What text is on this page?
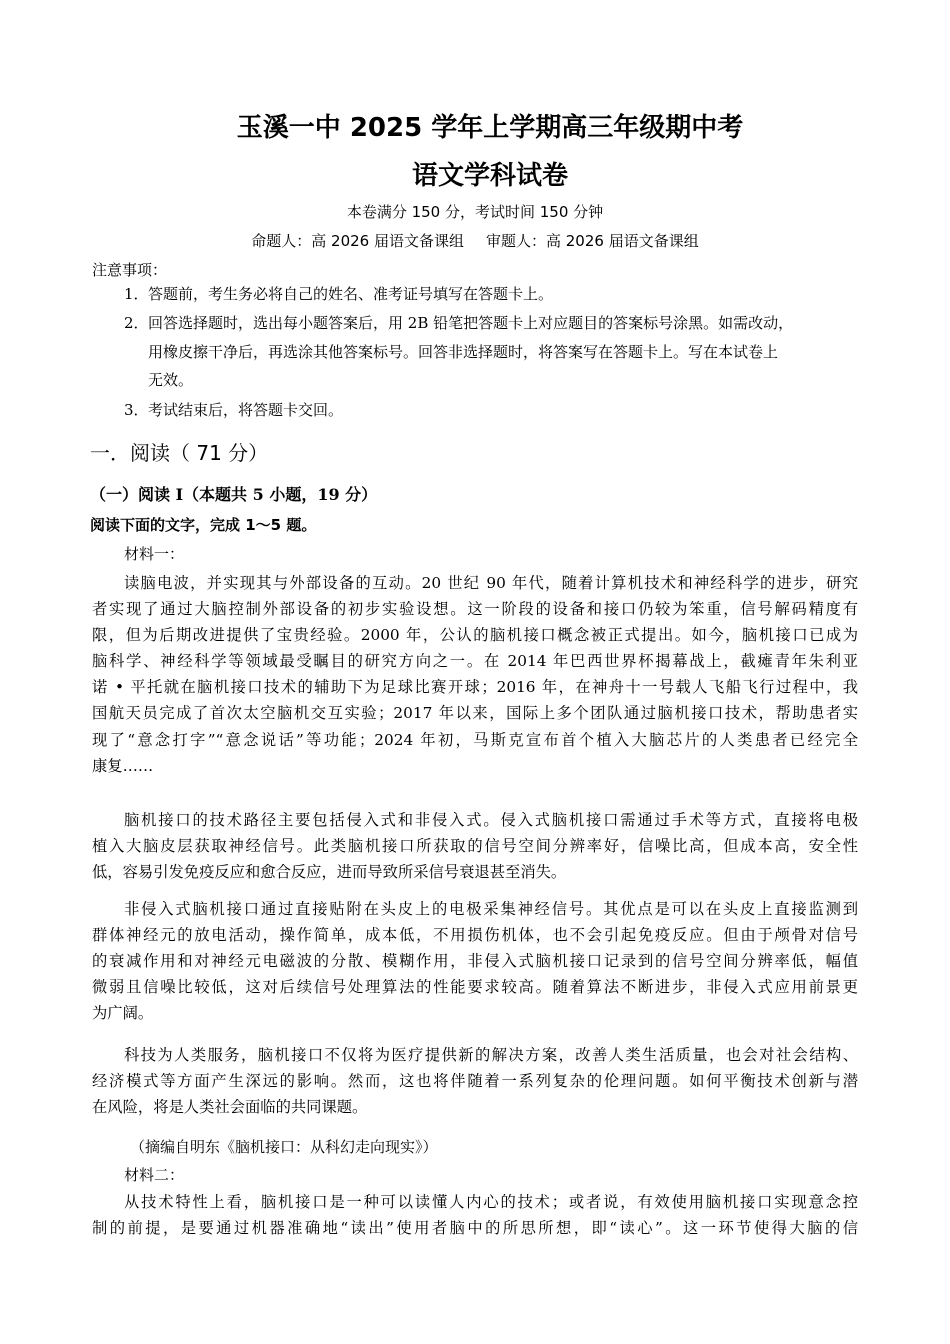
玉溪一中 2025 学年上学期高三年级期中考
语文学科试卷
本卷满分 150 分，考试时间 150 分钟
命题人：高 2026 届语文备课组 审题人：高 2026 届语文备课组
注意事项：
1．答题前，考生务必将自己的姓名、准考证号填写在答题卡上。
2．回答选择题时，选出每小题答案后，用 2B 铅笔把答题卡上对应题目的答案标号涂黑。如需改动，
用橡皮擦干净后，再选涂其他答案标号。回答非选择题时，将答案写在答题卡上。写在本试卷上
无效。
3．考试结束后，将答题卡交回。
一．阅读（ 71 分）
（一）阅读 I（本题共 5 小题，19 分）
阅读下面的文字，完成 1～5 题。
材料一：
读脑电波，并实现其与外部设备的互动。20 世纪 90 年代，随着计算机技术和神经科学的进步，研究
者实现了通过大脑控制外部设备的初步实验设想。这一阶段的设备和接口仍较为笨重，信号解码精度有
限，但为后期改进提供了宝贵经验。2000 年，公认的脑机接口概念被正式提出。如今，脑机接口已成为
脑科学、神经科学等领域最受瞩目的研究方向之一。在 2014 年巴西世界杯揭幕战上，截瘫青年朱利亚
诺 • 平托就在脑机接口技术的辅助下为足球比赛开球；2016 年，在神舟十一号载人飞船飞行过程中，我
国航天员完成了首次太空脑机交互实验；2017 年以来，国际上多个团队通过脑机接口技术，帮助患者实
现了“意念打字”“意念说话”等功能；2024 年初，马斯克宣布首个植入大脑芯片的人类患者已经完全
康复……
脑机接口的技术路径主要包括侵入式和非侵入式。侵入式脑机接口需通过手术等方式，直接将电极
植入大脑皮层获取神经信号。此类脑机接口所获取的信号空间分辨率好，信噪比高，但成本高，安全性
低，容易引发免疫反应和愈合反应，进而导致所采信号衰退甚至消失。
非侵入式脑机接口通过直接贴附在头皮上的电极采集神经信号。其优点是可以在头皮上直接监测到
群体神经元的放电活动，操作简单，成本低，不用损伤机体，也不会引起免疫反应。但由于颅骨对信号
的衰减作用和对神经元电磁波的分散、模糊作用，非侵入式脑机接口记录到的信号空间分辨率低，幅值
微弱且信噪比较低，这对后续信号处理算法的性能要求较高。随着算法不断进步，非侵入式应用前景更
为广阔。
科技为人类服务，脑机接口不仅将为医疗提供新的解决方案，改善人类生活质量，也会对社会结构、
经济模式等方面产生深远的影响。然而，这也将伴随着一系列复杂的伦理问题。如何平衡技术创新与潜
在风险，将是人类社会面临的共同课题。
（摘编自明东《脑机接口：从科幻走向现实》）
材料二：
从技术特性上看，脑机接口是一种可以读懂人内心的技术；或者说，有效使用脑机接口实现意念控
制的前提，是要通过机器准确地“读出”使用者脑中的所思所想，即“读心”。这一环节使得大脑的信
